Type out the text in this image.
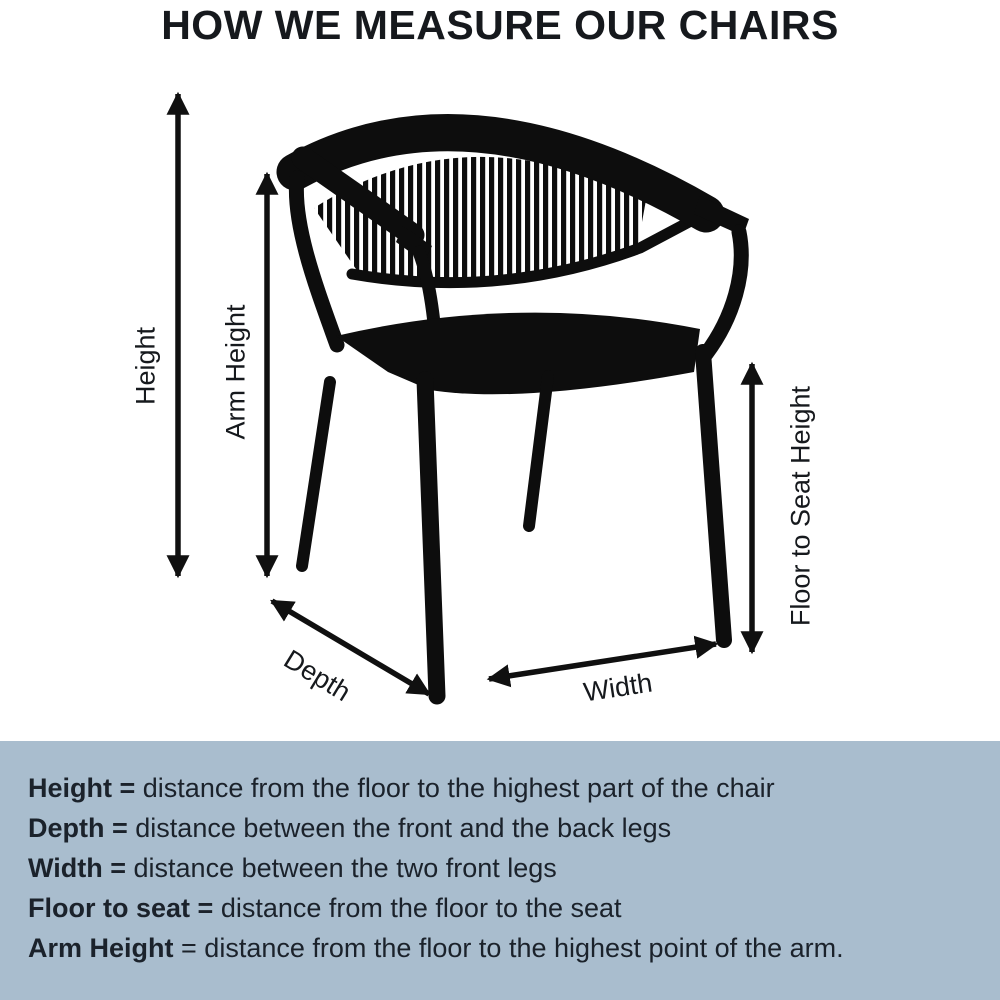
HOW WE MEASURE OUR CHAIRS
Height Arm Height
Floor to Seat Height
Depth	Width

Height = distance from the floor to the highest part of the chair

Depth = distance between the front and the back legs

Width = distance between the two front legs

Floor to seat = distance from the floor to the seat

Arm Height = distance from the floor to the highest point of the arm.
